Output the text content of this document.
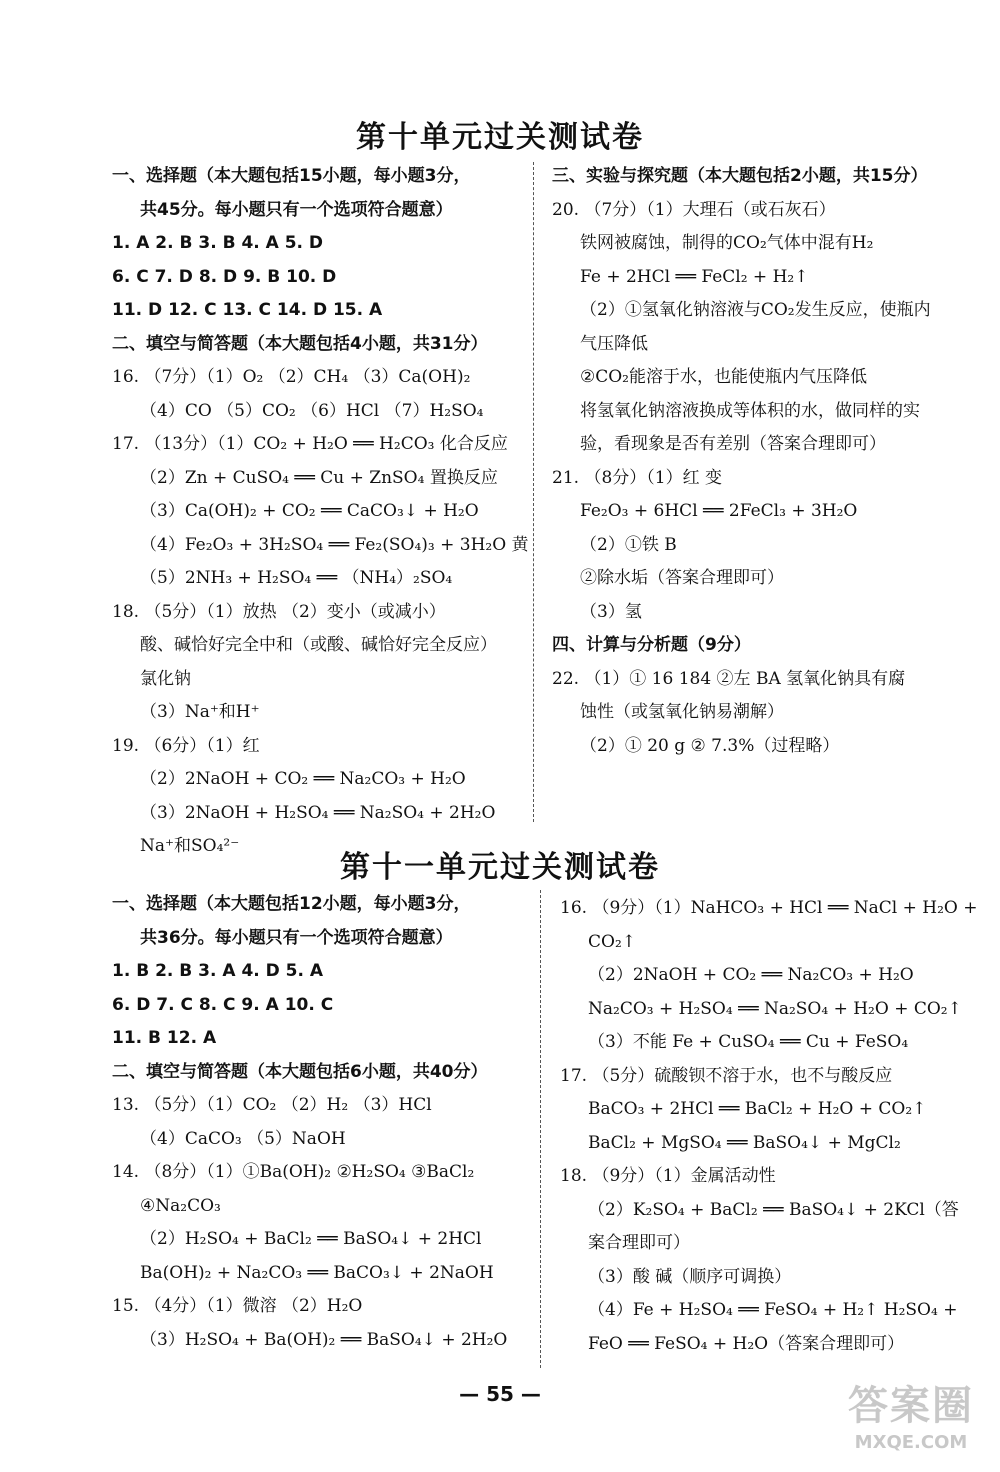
第十单元过关测试卷
一、选择题（本大题包括15小题，每小题3分，
共45分。每小题只有一个选项符合题意）
1. A 2. B 3. B 4. A 5. D
6. C 7. D 8. D 9. B 10. D
11. D 12. C 13. C 14. D 15. A
二、填空与简答题（本大题包括4小题，共31分）
16. （7分）（1）O₂ （2）CH₄ （3）Ca(OH)₂
（4）CO （5）CO₂ （6）HCl （7）H₂SO₄
17. （13分）（1）CO₂ + H₂O ══ H₂CO₃ 化合反应
（2）Zn + CuSO₄ ══ Cu + ZnSO₄ 置换反应
（3）Ca(OH)₂ + CO₂ ══ CaCO₃↓ + H₂O
（4）Fe₂O₃ + 3H₂SO₄ ══ Fe₂(SO₄)₃ + 3H₂O 黄
（5）2NH₃ + H₂SO₄ ══ （NH₄）₂SO₄
18. （5分）（1）放热 （2）变小（或减小）
酸、碱恰好完全中和（或酸、碱恰好完全反应）
氯化钠
（3）Na⁺和H⁺
19. （6分）（1）红
（2）2NaOH + CO₂ ══ Na₂CO₃ + H₂O
（3）2NaOH + H₂SO₄ ══ Na₂SO₄ + 2H₂O
Na⁺和SO₄²⁻
三、实验与探究题（本大题包括2小题，共15分）
20. （7分）（1）大理石（或石灰石）
铁网被腐蚀，制得的CO₂气体中混有H₂
Fe + 2HCl ══ FeCl₂ + H₂↑
（2）①氢氧化钠溶液与CO₂发生反应，使瓶内
气压降低
②CO₂能溶于水，也能使瓶内气压降低
将氢氧化钠溶液换成等体积的水，做同样的实
验，看现象是否有差别（答案合理即可）
21. （8分）（1）红 变
Fe₂O₃ + 6HCl ══ 2FeCl₃ + 3H₂O
（2）①铁 B
②除水垢（答案合理即可）
（3）氢
四、计算与分析题（9分）
22. （1）① 16 184 ②左 BA 氢氧化钠具有腐
蚀性（或氢氧化钠易潮解）
（2）① 20 g ② 7.3%（过程略）
第十一单元过关测试卷
一、选择题（本大题包括12小题，每小题3分，
共36分。每小题只有一个选项符合题意）
1. B 2. B 3. A 4. D 5. A
6. D 7. C 8. C 9. A 10. C
11. B 12. A
二、填空与简答题（本大题包括6小题，共40分）
13. （5分）（1）CO₂ （2）H₂ （3）HCl
（4）CaCO₃ （5）NaOH
14. （8分）（1）①Ba(OH)₂ ②H₂SO₄ ③BaCl₂
④Na₂CO₃
（2）H₂SO₄ + BaCl₂ ══ BaSO₄↓ + 2HCl
Ba(OH)₂ + Na₂CO₃ ══ BaCO₃↓ + 2NaOH
15. （4分）（1）微溶 （2）H₂O
（3）H₂SO₄ + Ba(OH)₂ ══ BaSO₄↓ + 2H₂O
16. （9分）（1）NaHCO₃ + HCl ══ NaCl + H₂O +
CO₂↑
（2）2NaOH + CO₂ ══ Na₂CO₃ + H₂O
Na₂CO₃ + H₂SO₄ ══ Na₂SO₄ + H₂O + CO₂↑
（3）不能 Fe + CuSO₄ ══ Cu + FeSO₄
17. （5分）硫酸钡不溶于水，也不与酸反应
BaCO₃ + 2HCl ══ BaCl₂ + H₂O + CO₂↑
BaCl₂ + MgSO₄ ══ BaSO₄↓ + MgCl₂
18. （9分）（1）金属活动性
（2）K₂SO₄ + BaCl₂ ══ BaSO₄↓ + 2KCl（答
案合理即可）
（3）酸 碱（顺序可调换）
（4）Fe + H₂SO₄ ══ FeSO₄ + H₂↑ H₂SO₄ +
FeO ══ FeSO₄ + H₂O（答案合理即可）
— 55 —	答案圈
MXQE.COM
